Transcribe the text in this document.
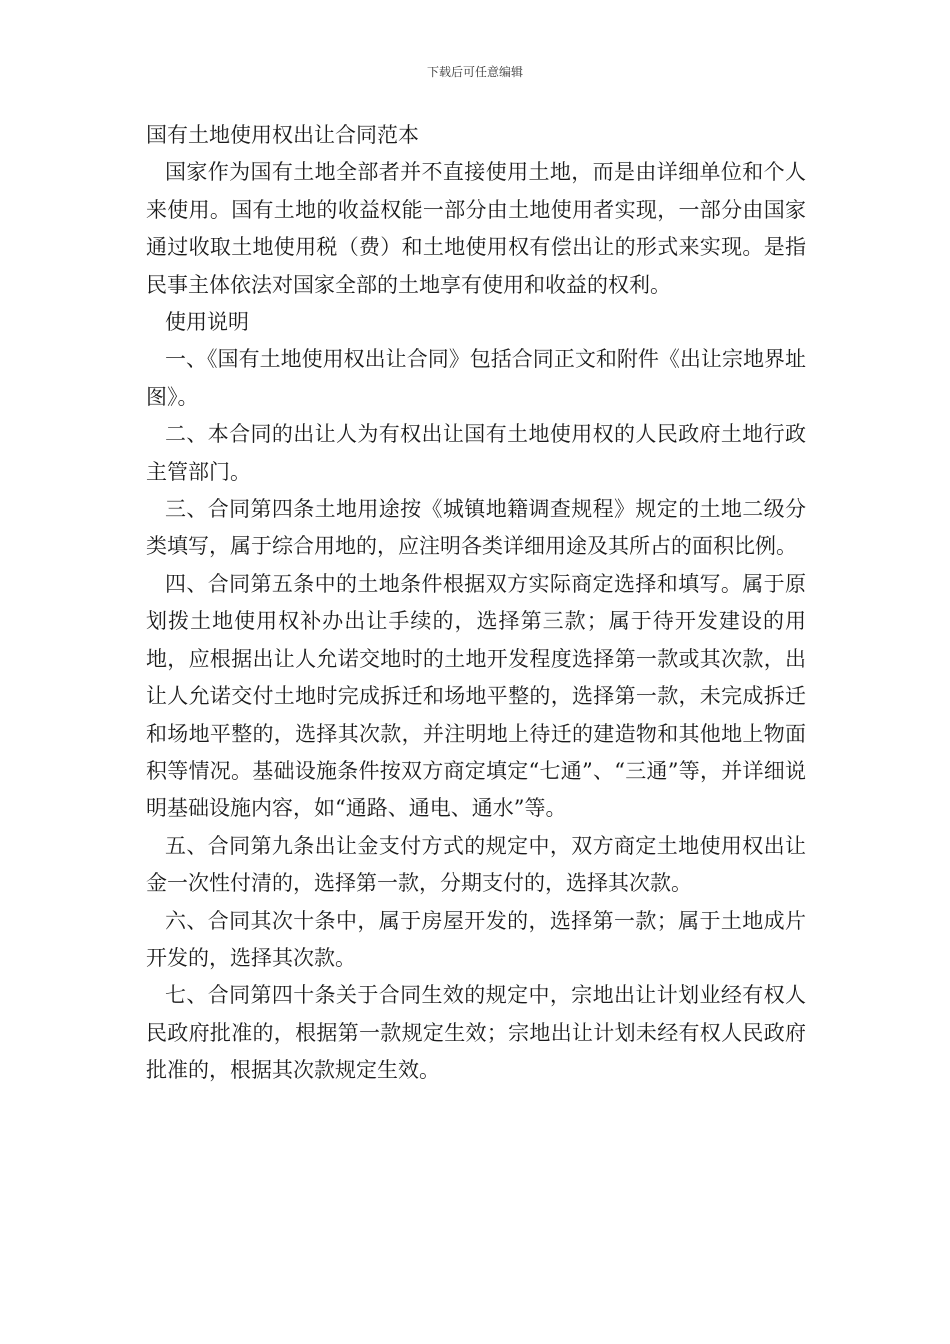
下载后可任意编辑
国有土地使用权出让合同范本

国家作为国有土地全部者并不直接使用土地，而是由详细单位和个人来使用。国有土地的收益权能一部分由土地使用者实现，一部分由国家通过收取土地使用税（费）和土地使用权有偿出让的形式来实现。是指民事主体依法对国家全部的土地享有使用和收益的权利。

使用说明

一、《国有土地使用权出让合同》包括合同正文和附件《出让宗地界址图》。

二、本合同的出让人为有权出让国有土地使用权的人民政府土地行政主管部门。

三、合同第四条土地用途按《城镇地籍调查规程》规定的土地二级分类填写，属于综合用地的，应注明各类详细用途及其所占的面积比例。

四、合同第五条中的土地条件根据双方实际商定选择和填写。属于原划拨土地使用权补办出让手续的，选择第三款；属于待开发建设的用地，应根据出让人允诺交地时的土地开发程度选择第一款或其次款，出让人允诺交付土地时完成拆迁和场地平整的，选择第一款，未完成拆迁和场地平整的，选择其次款，并注明地上待迁的建造物和其他地上物面积等情况。基础设施条件按双方商定填定“七通”、“三通”等，并详细说明基础设施内容，如“通路、通电、通水”等。

五、合同第九条出让金支付方式的规定中，双方商定土地使用权出让金一次性付清的，选择第一款，分期支付的，选择其次款。

六、合同其次十条中，属于房屋开发的，选择第一款；属于土地成片开发的，选择其次款。

七、合同第四十条关于合同生效的规定中，宗地出让计划业经有权人民政府批准的，根据第一款规定生效；宗地出让计划未经有权人民政府批准的，根据其次款规定生效。
